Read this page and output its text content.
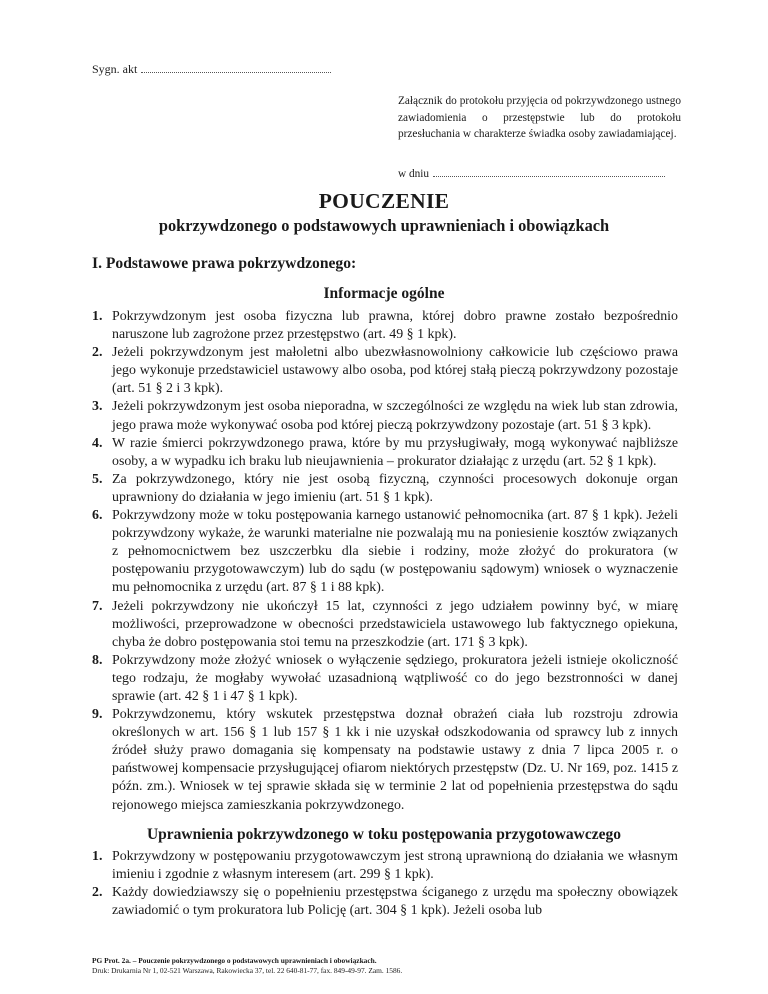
Sygn. akt
Załącznik do protokołu przyjęcia od pokrzywdzonego ustnego zawiadomienia o przestępstwie lub do protokołu przesłuchania w charakterze świadka osoby zawiadamiającej.
w dniu
POUCZENIE
pokrzywdzonego o podstawowych uprawnieniach i obowiązkach
I. Podstawowe prawa pokrzywdzonego:
Informacje ogólne
1. Pokrzywdzonym jest osoba fizyczna lub prawna, której dobro prawne zostało bezpośrednio naruszone lub zagrożone przez przestępstwo (art. 49 § 1 kpk).
2. Jeżeli pokrzywdzonym jest małoletni albo ubezwłasnowolniony całkowicie lub częściowo prawa jego wykonuje przedstawiciel ustawowy albo osoba, pod której stałą pieczą pokrzywdzony pozostaje (art. 51 § 2 i 3 kpk).
3. Jeżeli pokrzywdzonym jest osoba nieporadna, w szczególności ze względu na wiek lub stan zdrowia, jego prawa może wykonywać osoba pod której pieczą pokrzywdzony pozostaje (art. 51 § 3 kpk).
4. W razie śmierci pokrzywdzonego prawa, które by mu przysługiwały, mogą wykonywać najbliższe osoby, a w wypadku ich braku lub nieujawnienia – prokurator działając z urzędu (art. 52 § 1 kpk).
5. Za pokrzywdzonego, który nie jest osobą fizyczną, czynności procesowych dokonuje organ uprawniony do działania w jego imieniu (art. 51 § 1 kpk).
6. Pokrzywdzony może w toku postępowania karnego ustanowić pełnomocnika (art. 87 § 1 kpk). Jeżeli pokrzywdzony wykaże, że warunki materialne nie pozwalają mu na poniesienie kosztów związanych z pełnomocnictwem bez uszczerbku dla siebie i rodziny, może złożyć do prokuratora (w postępowaniu przygotowawczym) lub do sądu (w postępowaniu sądowym) wniosek o wyznaczenie mu pełnomocnika z urzędu (art. 87 § 1 i 88 kpk).
7. Jeżeli pokrzywdzony nie ukończył 15 lat, czynności z jego udziałem powinny być, w miarę możliwości, przeprowadzone w obecności przedstawiciela ustawowego lub faktycznego opiekuna, chyba że dobro postępowania stoi temu na przeszkodzie (art. 171 § 3 kpk).
8. Pokrzywdzony może złożyć wniosek o wyłączenie sędziego, prokuratora jeżeli istnieje okoliczność tego rodzaju, że mogłaby wywołać uzasadnioną wątpliwość co do jego bezstronności w danej sprawie (art. 42 § 1 i 47 § 1 kpk).
9. Pokrzywdzonemu, który wskutek przestępstwa doznał obrażeń ciała lub rozstroju zdrowia określonych w art. 156 § 1 lub 157 § 1 kk i nie uzyskał odszkodowania od sprawcy lub z innych źródeł służy prawo domagania się kompensaty na podstawie ustawy z dnia 7 lipca 2005 r. o państwowej kompensacie przysługującej ofiarom niektórych przestępstw (Dz. U. Nr 169, poz. 1415 z późn. zm.). Wniosek w tej sprawie składa się w terminie 2 lat od popełnienia przestępstwa do sądu rejonowego miejsca zamieszkania pokrzywdzonego.
Uprawnienia pokrzywdzonego w toku postępowania przygotowawczego
1. Pokrzywdzony w postępowaniu przygotowawczym jest stroną uprawnioną do działania we własnym imieniu i zgodnie z własnym interesem (art. 299 § 1 kpk).
2. Każdy dowiedziawszy się o popełnieniu przestępstwa ściganego z urzędu ma społeczny obowiązek zawiadomić o tym prokuratora lub Policję (art. 304 § 1 kpk). Jeżeli osoba lub
PG Prot. 2a. – Pouczenie pokrzywdzonego o podstawowych uprawnieniach i obowiązkach.
Druk: Drukarnia Nr 1, 02-521 Warszawa, Rakowiecka 37, tel. 22 640-81-77, fax. 849-49-97. Zam. 1586.
